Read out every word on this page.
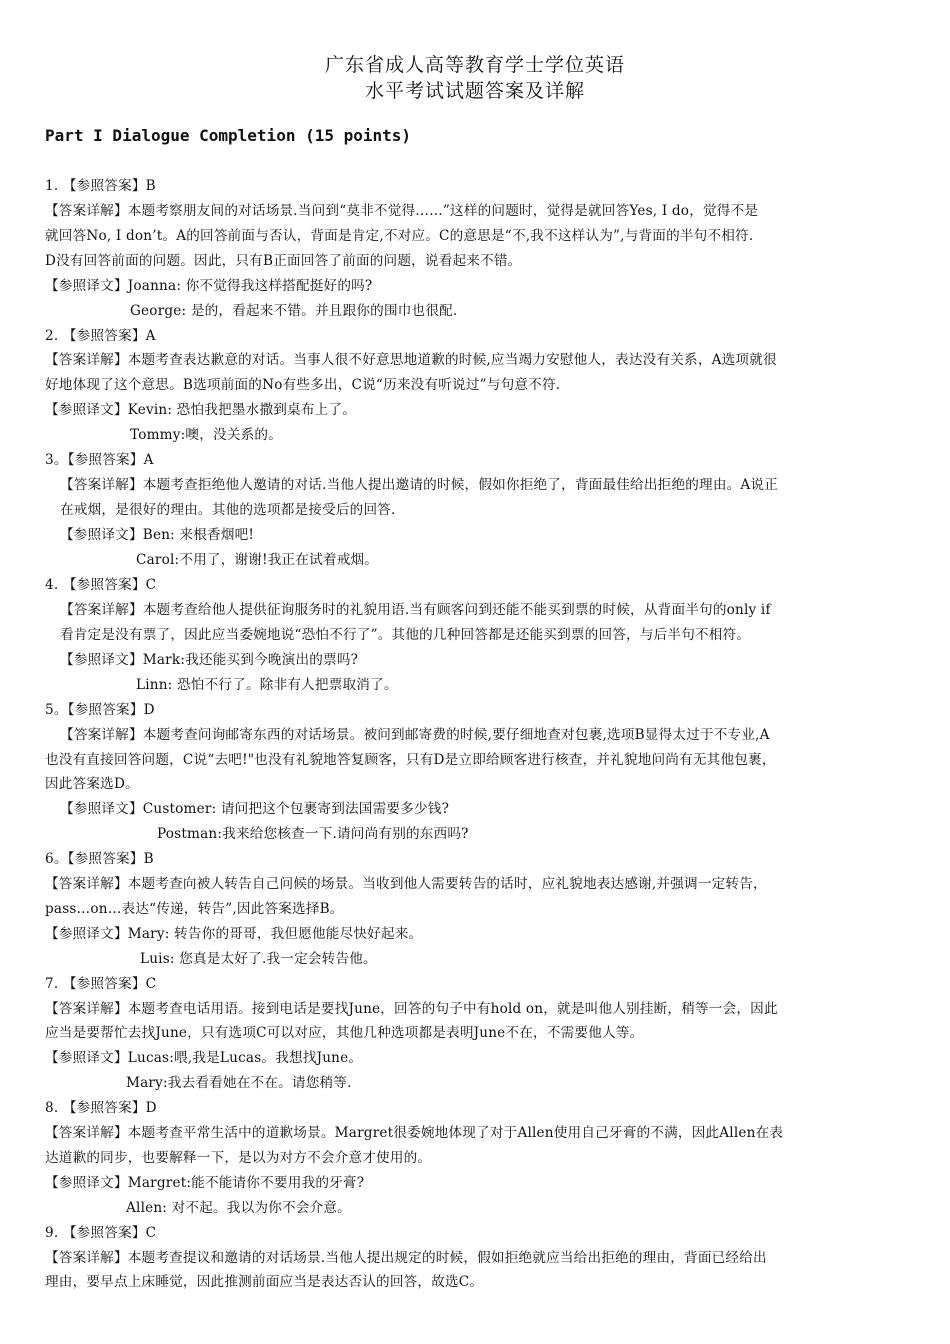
广东省成人高等教育学士学位英语
水平考试试题答案及详解
Part I Dialogue Completion (15 points)
1. 【参照答案】B
【答案详解】本题考察朋友间的对话场景.当问到“莫非不觉得……”这样的问题时，觉得是就回答Yes, I do，觉得不是
就回答No, I don’t。A的回答前面与否认，背面是肯定,不对应。C的意思是“不,我不这样认为”,与背面的半句不相符.
D没有回答前面的问题。因此，只有B正面回答了前面的问题，说看起来不错。
【参照译文】Joanna: 你不觉得我这样搭配挺好的吗?
George: 是的，看起来不错。并且跟你的围巾也很配.
2. 【参照答案】A
【答案详解】本题考查表达歉意的对话。当事人很不好意思地道歉的时候,应当竭力安慰他人，表达没有关系，A选项就很
好地体现了这个意思。B选项前面的No有些多出，C说“历来没有听说过”与句意不符.
【参照译文】Kevin: 恐怕我把墨水撒到桌布上了。
Tommy:噢，没关系的。
3。【参照答案】A
【答案详解】本题考查拒绝他人邀请的对话.当他人提出邀请的时候，假如你拒绝了，背面最佳给出拒绝的理由。A说正
在戒烟，是很好的理由。其他的选项都是接受后的回答.
【参照译文】Ben: 来根香烟吧!
Carol:不用了，谢谢!我正在试着戒烟。
4. 【参照答案】C
【答案详解】本题考查给他人提供征询服务时的礼貌用语.当有顾客问到还能不能买到票的时候，从背面半句的only if
看肯定是没有票了，因此应当委婉地说“恐怕不行了”。其他的几种回答都是还能买到票的回答，与后半句不相符。
【参照译文】Mark:我还能买到今晚演出的票吗?
Linn: 恐怕不行了。除非有人把票取消了。
5。【参照答案】D
【答案详解】本题考查问询邮寄东西的对话场景。被问到邮寄费的时候,要仔细地查对包裹,选项B显得太过于不专业,A
也没有直接回答问题，C说“去吧!"也没有礼貌地答复顾客，只有D是立即给顾客进行核查，并礼貌地问尚有无其他包裹，
因此答案选D。
【参照译文】Customer: 请问把这个包裹寄到法国需要多少钱?
Postman:我来给您核查一下.请问尚有别的东西吗?
6。【参照答案】B
【答案详解】本题考查向被人转告自己问候的场景。当收到他人需要转告的话时，应礼貌地表达感谢,并强调一定转告，
pass…on…表达“传递，转告”,因此答案选择B。
【参照译文】Mary: 转告你的哥哥，我但愿他能尽快好起来。
Luis: 您真是太好了.我一定会转告他。
7. 【参照答案】C
【答案详解】本题考查电话用语。接到电话是要找June，回答的句子中有hold on，就是叫他人别挂断，稍等一会，因此
应当是要帮忙去找June，只有选项C可以对应，其他几种选项都是表明June不在，不需要他人等。
【参照译文】Lucas:喂,我是Lucas。我想找June。
Mary:我去看看她在不在。请您稍等.
8. 【参照答案】D
【答案详解】本题考查平常生活中的道歉场景。Margret很委婉地体现了对于Allen使用自己牙膏的不满，因此Allen在表
达道歉的同步，也要解释一下，是以为对方不会介意才使用的。
【参照译文】Margret:能不能请你不要用我的牙膏?
Allen: 对不起。我以为你不会介意。
9. 【参照答案】C
【答案详解】本题考查提议和邀请的对话场景.当他人提出规定的时候，假如拒绝就应当给出拒绝的理由，背面已经给出
理由，要早点上床睡觉，因此推测前面应当是表达否认的回答，故选C。
